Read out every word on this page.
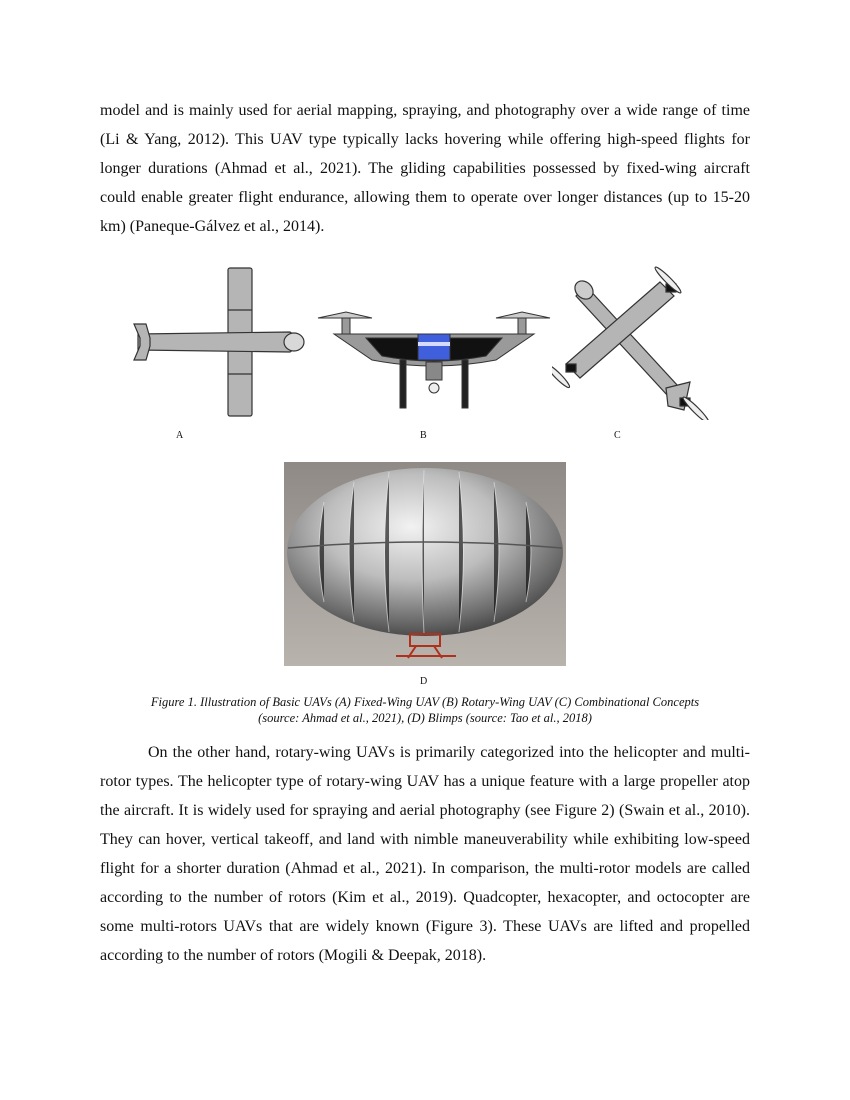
model and is mainly used for aerial mapping, spraying, and photography over a wide range of time (Li & Yang, 2012). This UAV type typically lacks hovering while offering high-speed flights for longer durations (Ahmad et al., 2021). The gliding capabilities possessed by fixed-wing aircraft could enable greater flight endurance, allowing them to operate over longer distances (up to 15-20 km) (Paneque-Gálvez et al., 2014).

A	B	C
D
Figure 1. Illustration of Basic UAVs (A) Fixed-Wing UAV (B) Rotary-Wing UAV (C) Combinational Concepts
(source: Ahmad et al., 2021), (D) Blimps (source: Tao et al., 2018)

On the other hand, rotary-wing UAVs is primarily categorized into the helicopter and multi-rotor types. The helicopter type of rotary-wing UAV has a unique feature with a large propeller atop the aircraft. It is widely used for spraying and aerial photography (see Figure 2) (Swain et al., 2010). They can hover, vertical takeoff, and land with nimble maneuverability while exhibiting low-speed flight for a shorter duration (Ahmad et al., 2021). In comparison, the multi-rotor models are called according to the number of rotors (Kim et al., 2019). Quadcopter, hexacopter, and octocopter are some multi-rotors UAVs that are widely known (Figure 3). These UAVs are lifted and propelled according to the number of rotors (Mogili & Deepak, 2018).
